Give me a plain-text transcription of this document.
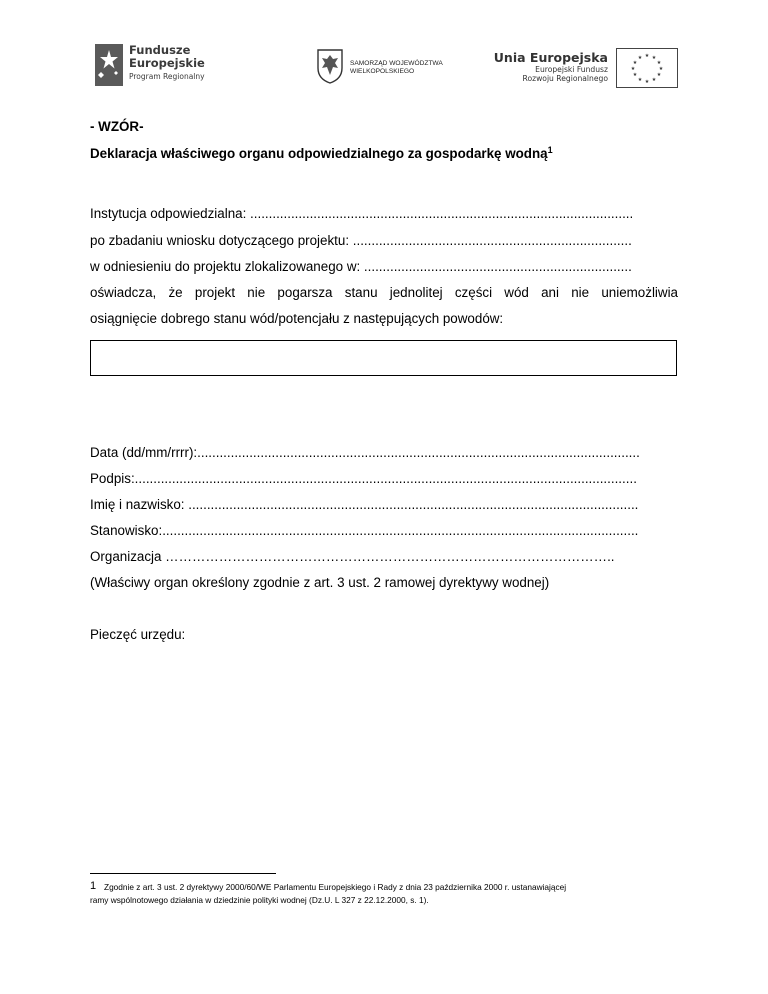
Fundusze
Europejskie
Program Regionalny
SAMORZĄD WOJEWÓDZTWA
WIELKOPOLSKIEGO
Unia Europejska
Europejski Fundusz
Rozwoju Regionalnego
★ ★
★
★
★
★
★
★
★
★
★
★
- WZÓR-
Deklaracja właściwego organu odpowiedzialnego za gospodarkę wodną$^1$
Instytucja odpowiedzialna: .......................................................................................................
po zbadaniu wniosku dotyczącego projektu: ...........................................................................
w odniesieniu do projektu zlokalizowanego w: ........................................................................
oświadcza, że projekt nie pogarsza stanu jednolitej części wód ani nie uniemożliwia
osiągnięcie dobrego stanu wód/potencjału z następujących powodów:
Data (dd/mm/rrrr):.......................................................................................................................
Podpis:.......................................................................................................................................
Imię i nazwisko: .........................................................................................................................
Stanowisko:................................................................................................................................
Organizacja ………………………………………………………………………………………..
(Właściwy organ określony zgodnie z art. 3 ust. 2 ramowej dyrektywy wodnej)
Pieczęć urzędu:
1 Zgodnie z art. 3 ust. 2 dyrektywy 2000/60/WE Parlamentu Europejskiego i Rady z dnia 23 października 2000 r. ustanawiającej
ramy wspólnotowego działania w dziedzinie polityki wodnej (Dz.U. L 327 z 22.12.2000, s. 1).
